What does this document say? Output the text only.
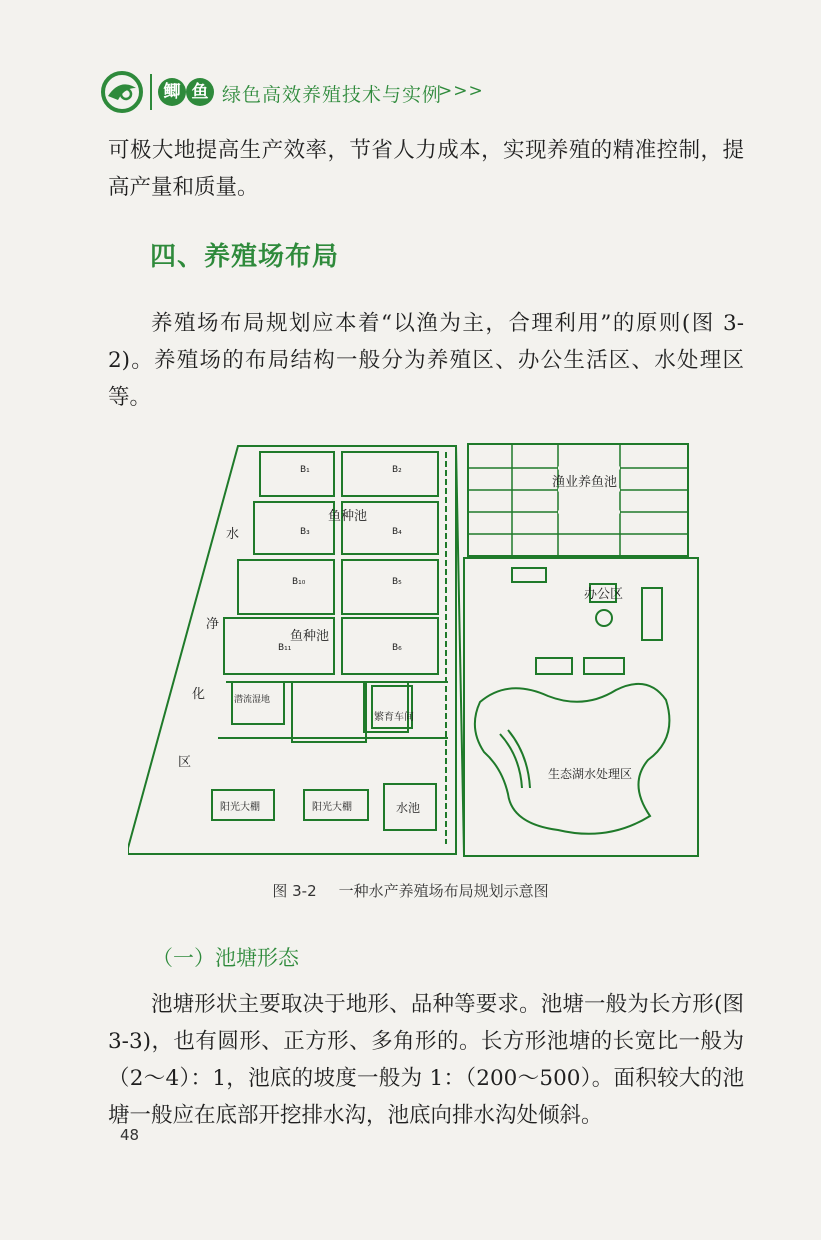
鲫 鱼 绿色高效养殖技术与实例
>>>

可极大地提高生产效率，节省人力成本，实现养殖的精准控制，提高产量和质量。

四、养殖场布局

养殖场布局规划应本着“以渔为主，合理利用”的原则(图 3-2)。养殖场的布局结构一般分为养殖区、办公生活区、水处理区等。

渔业养鱼池
鱼种池
鱼种池
水
净
化
区
办公区
潜流湿地
繁育车间
生态湖水处理区
阳光大棚	阳光大棚	水池
B₁	B₂
B₃	B₄
B₁₀	B₅
B₁₁	B₆
图 3-2 一种水产养殖场布局规划示意图
（一）池塘形态

池塘形状主要取决于地形、品种等要求。池塘一般为长方形(图 3-3)，也有圆形、正方形、多角形的。长方形池塘的长宽比一般为（2～4）：1，池底的坡度一般为 1：（200～500）。面积较大的池塘一般应在底部开挖排水沟，池底向排水沟处倾斜。

48
